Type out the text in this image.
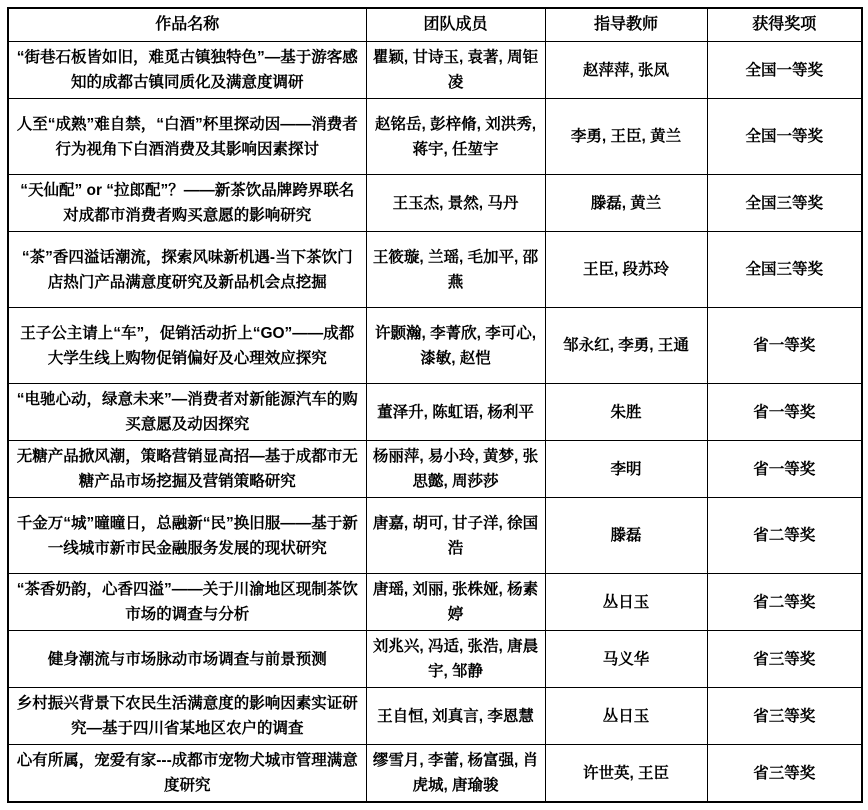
作品名称	团队成员	指导教师	获得奖项
“街巷石板皆如旧，难觅古镇独特色”—基于游客感知的成都古镇同质化及满意度调研	瞿颖, 甘诗玉, 袁著, 周钜凌	赵萍萍, 张凤	全国一等奖
人至“成熟”难自禁，“白酒”杯里探动因——消费者行为视角下白酒消费及其影响因素探讨	赵铭岳, 彭梓脩, 刘洪秀, 蒋宇, 任堃宇	李勇, 王臣, 黄兰	全国一等奖
“天仙配” or “拉郎配”？——新茶饮品牌跨界联名对成都市消费者购买意愿的影响研究	王玉杰, 景然, 马丹	滕磊, 黄兰	全国三等奖
“茶”香四溢话潮流，探索风味新机遇-当下茶饮门店热门产品满意度研究及新品机会点挖掘	王筱璇, 兰瑶, 毛加平, 邵燕	王臣, 段苏玲	全国三等奖
王子公主请上“车”，促销活动折上“GO”——成都大学生线上购物促销偏好及心理效应探究	许颢瀚, 李菁欣, 李可心, 漆敏, 赵恺	邹永红, 李勇, 王通	省一等奖
“电驰心动，绿意未来”—消费者对新能源汽车的购买意愿及动因探究	董泽升, 陈虹语, 杨利平	朱胜	省一等奖
无糖产品掀风潮，策略营销显高招—基于成都市无糖产品市场挖掘及营销策略研究	杨丽萍, 易小玲, 黄梦, 张思懿, 周莎莎	李明	省一等奖
千金万“城”曈曈日，总融新“民”换旧服——基于新一线城市新市民金融服务发展的现状研究	唐嘉, 胡可, 甘子洋, 徐国浩	滕磊	省二等奖
“茶香奶韵，心香四溢”——关于川渝地区现制茶饮市场的调查与分析	唐瑶, 刘丽, 张株娅, 杨素婷	丛日玉	省二等奖
健身潮流与市场脉动市场调查与前景预测	刘兆兴, 冯适, 张浩, 唐晨宇, 邹静	马义华	省三等奖
乡村振兴背景下农民生活满意度的影响因素实证研究—基于四川省某地区农户的调查	王自恒, 刘真言, 李恩慧	丛日玉	省三等奖
心有所属，宠爱有家---成都市宠物犬城市管理满意度研究	缪雪月, 李蕾, 杨富强, 肖虎城, 唐瑜骏	许世英, 王臣	省三等奖
